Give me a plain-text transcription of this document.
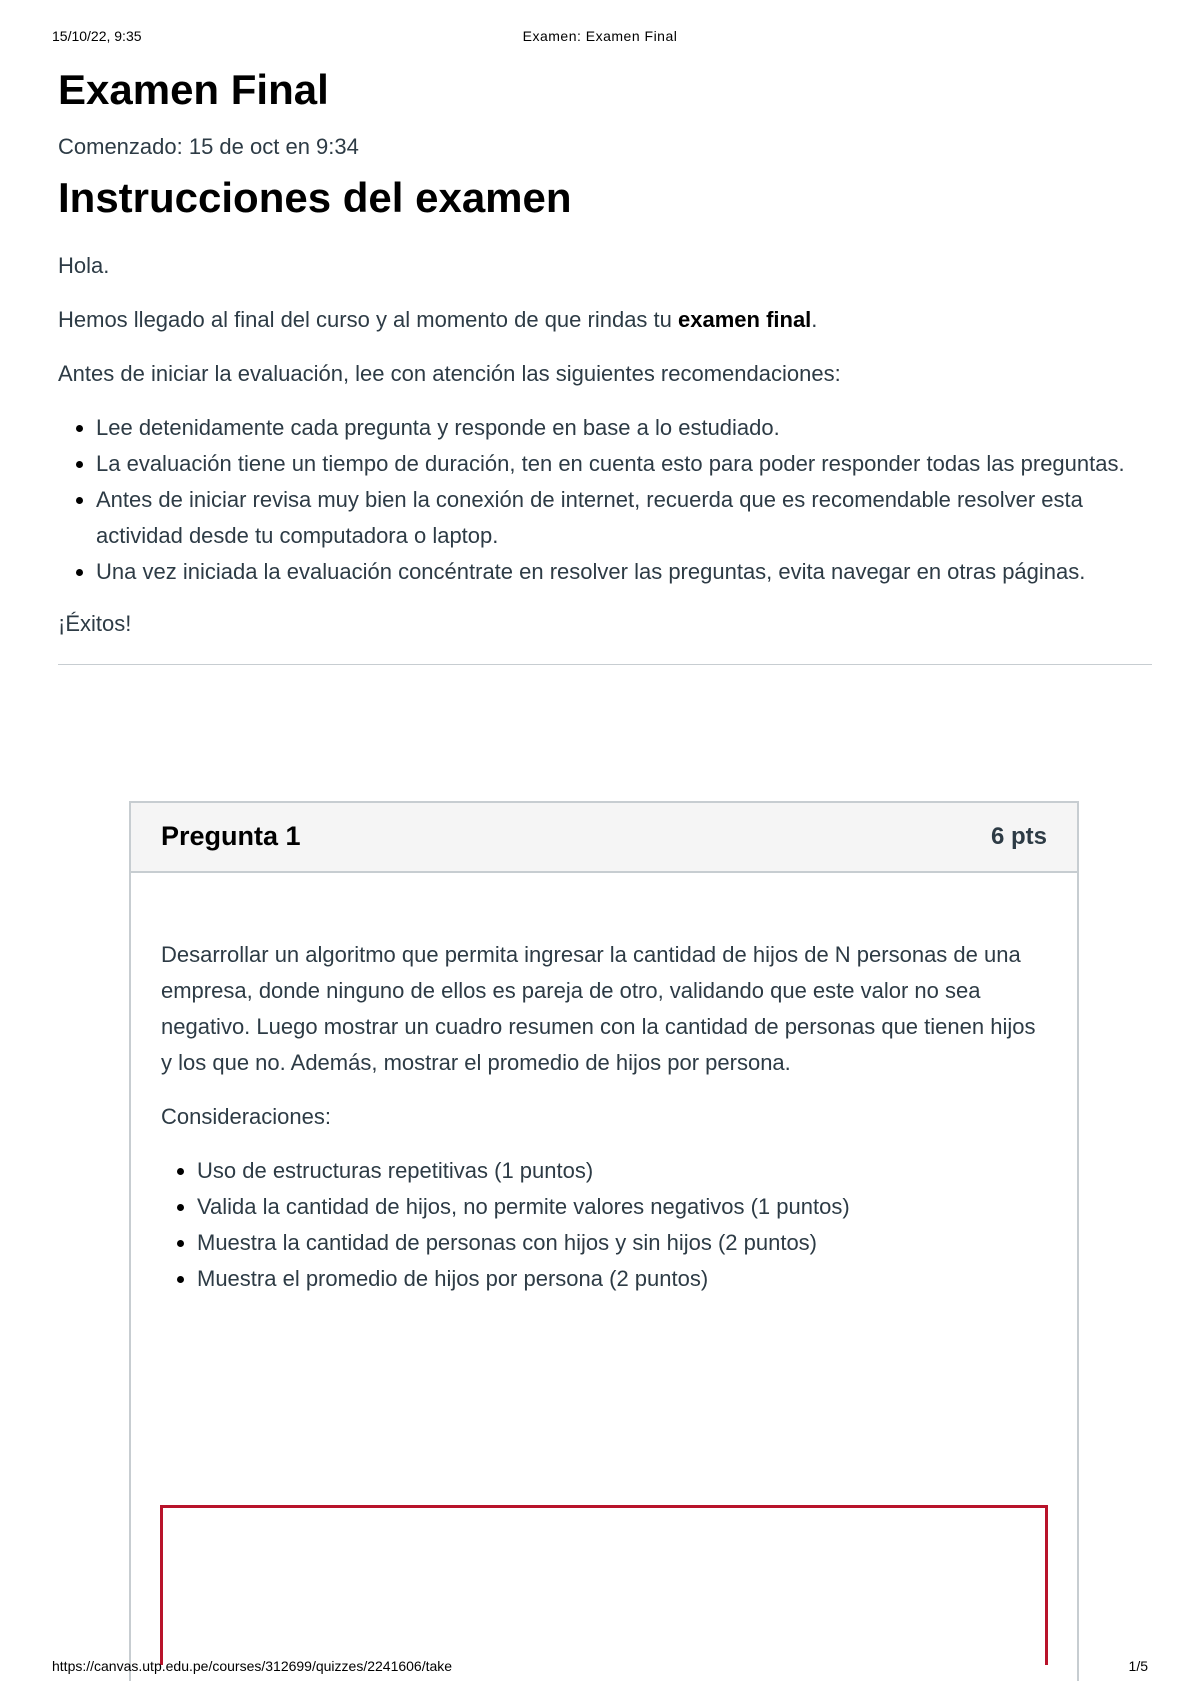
15/10/22, 9:35	Examen: Examen Final
Examen Final
Comenzado: 15 de oct en 9:34
Instrucciones del examen

Hola.

Hemos llegado al final del curso y al momento de que rindas tu examen final.

Antes de iniciar la evaluación, lee con atención las siguientes recomendaciones:

• Lee detenidamente cada pregunta y responde en base a lo estudiado.
• La evaluación tiene un tiempo de duración, ten en cuenta esto para poder responder todas las preguntas.
• Antes de iniciar revisa muy bien la conexión de internet, recuerda que es recomendable resolver esta actividad desde tu computadora o laptop.
• Una vez iniciada la evaluación concéntrate en resolver las preguntas, evita navegar en otras páginas.

¡Éxitos!

Pregunta 1	6 pts

Desarrollar un algoritmo que permita ingresar la cantidad de hijos de N personas de una empresa, donde ninguno de ellos es pareja de otro, validando que este valor no sea negativo. Luego mostrar un cuadro resumen con la cantidad de personas que tienen hijos y los que no. Además, mostrar el promedio de hijos por persona.

Consideraciones:

• Uso de estructuras repetitivas (1 puntos)
• Valida la cantidad de hijos, no permite valores negativos (1 puntos)
• Muestra la cantidad de personas con hijos y sin hijos (2 puntos)
• Muestra el promedio de hijos por persona (2 puntos)
https://canvas.utp.edu.pe/courses/312699/quizzes/2241606/take	1/5
